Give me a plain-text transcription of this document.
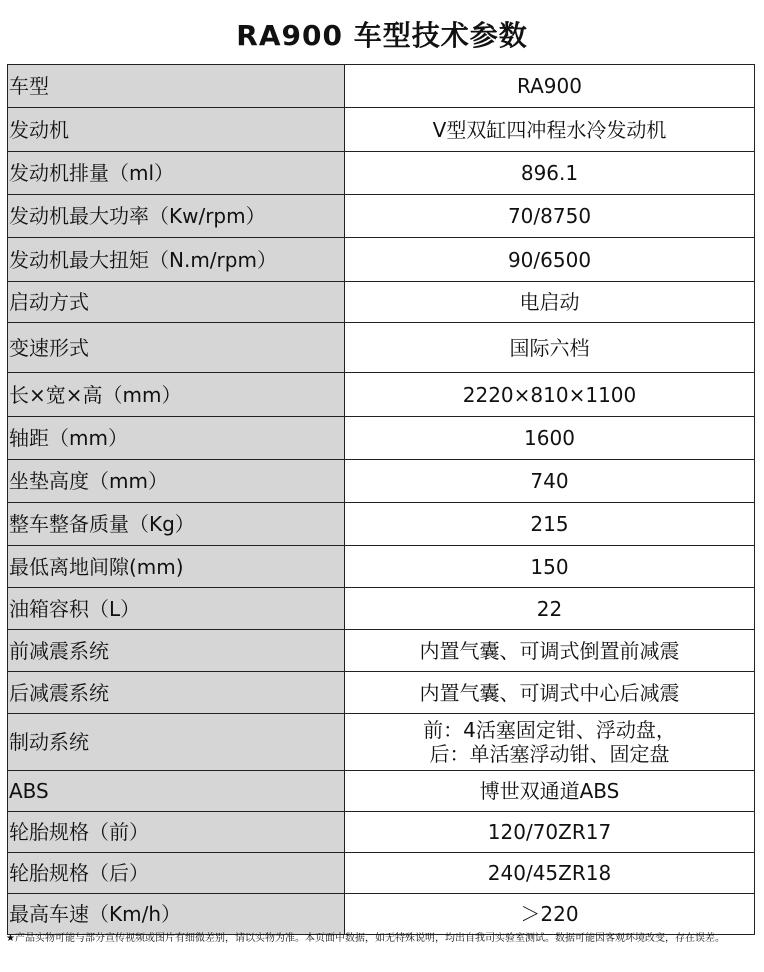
RA900 车型技术参数
车型	RA900
发动机	V型双缸四冲程水冷发动机
发动机排量（ml）	896.1
发动机最大功率（Kw/rpm）	70/8750
发动机最大扭矩（N.m/rpm）	90/6500
启动方式	电启动
变速形式	国际六档
长×宽×高（mm）	2220×810×1100
轴距（mm）	1600
坐垫高度（mm）	740
整车整备质量（Kg）	215
最低离地间隙(mm)	150
油箱容积（L）	22
前减震系统	内置气囊、可调式倒置前减震
后减震系统	内置气囊、可调式中心后减震
制动系统	前：4活塞固定钳、浮动盘，
后：单活塞浮动钳、固定盘

ABS	博世双通道ABS
轮胎规格（前）	120/70ZR17
轮胎规格（后）	240/45ZR18
最高车速（Km/h）	＞220
★产品实物可能与部分宣传视频或图片有细微差别，请以实物为准。本页面中数据，如无特殊说明，均出自我司实验室测试。数据可能因客观环境改变，存在误差。
